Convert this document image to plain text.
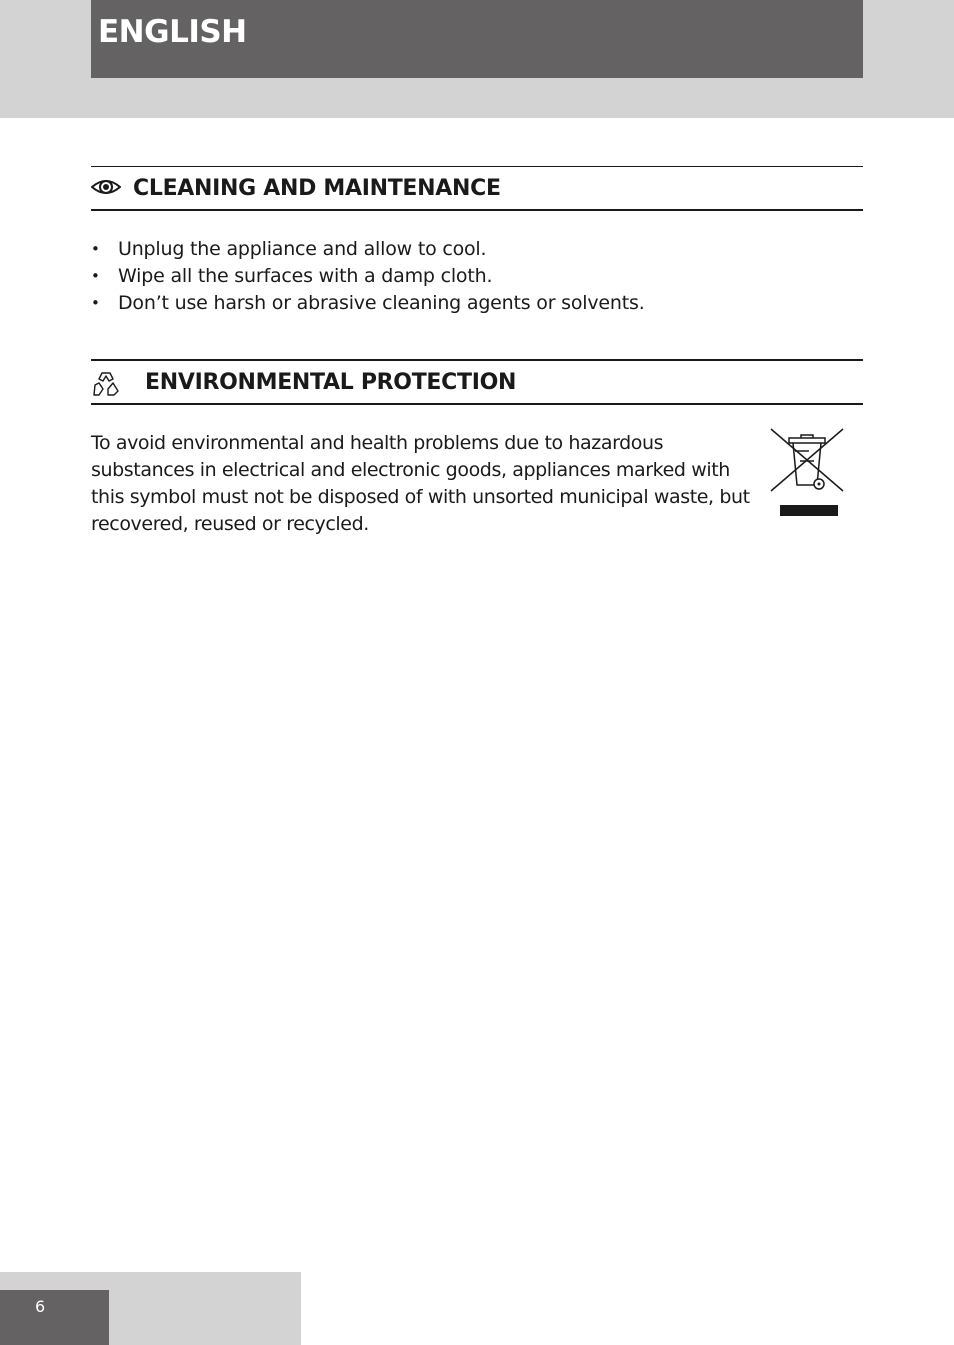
ENGLISH
CLEANING AND MAINTENANCE
• Unplug the appliance and allow to cool.
• Wipe all the surfaces with a damp cloth.
• Don’t use harsh or abrasive cleaning agents or solvents.
ENVIRONMENTAL PROTECTION
To avoid environmental and health problems due to hazardous
substances in electrical and electronic goods, appliances marked with
this symbol must not be disposed of with unsorted municipal waste, but
recovered, reused or recycled.
6
